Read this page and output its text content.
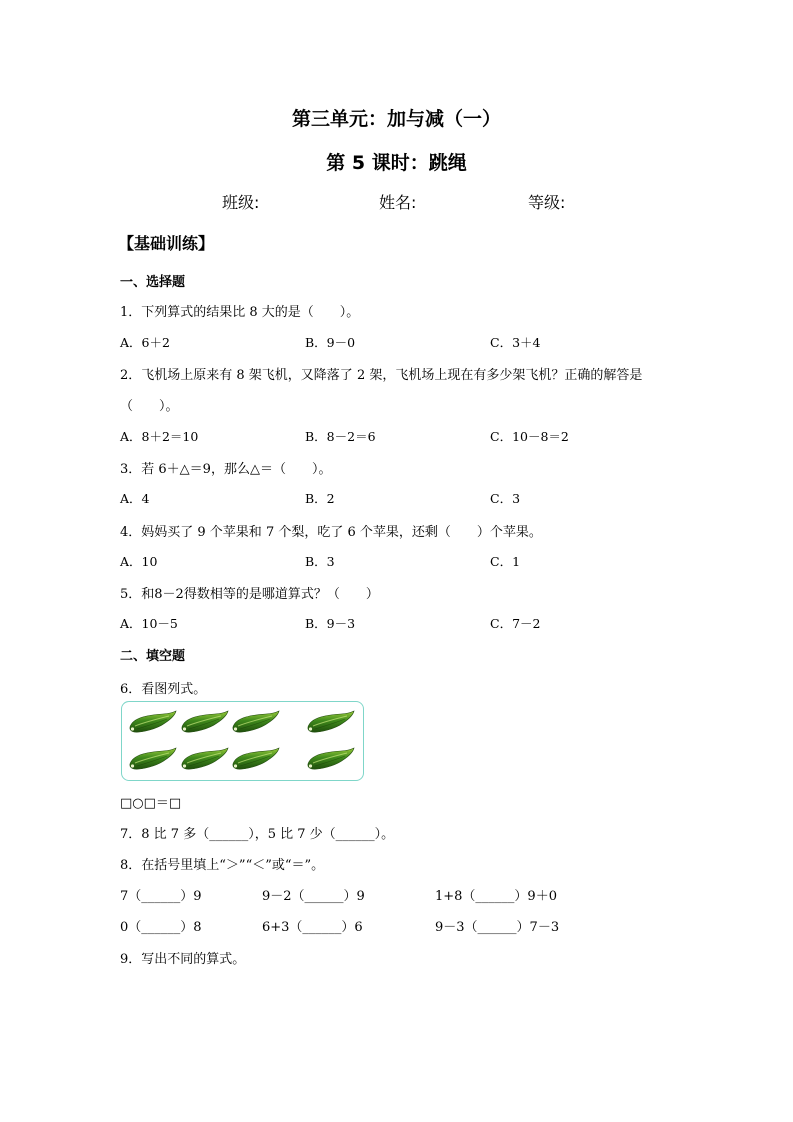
第三单元：加与减（一）
第 5 课时：跳绳
班级:	姓名:	等级:
【基础训练】
一、选择题
1．下列算式的结果比 8 大的是（　　）。
A．6＋2	B．9－0	C．3＋4
2．飞机场上原来有 8 架飞机，又降落了 2 架，飞机场上现在有多少架飞机？正确的解答是
（　　）。
A．8＋2＝10	B．8－2＝6	C．10－8＝2
3．若 6＋△＝9，那么△＝（　　）。
A．4	B．2	C．3
4．妈妈买了 9 个苹果和 7 个梨，吃了 6 个苹果，还剩（　　）个苹果。
A．10	B．3	C．1
5．和8－2得数相等的是哪道算式？（　　）
A．10－5	B．9－3	C．7－2
二、填空题
6．看图列式。
□○□＝□
7．8 比 7 多（______），5 比 7 少（______）。
8．在括号里填上“＞”“＜”或“＝”。
7（______）9	9－2（______）9	1+8（______）9＋0
0（______）8	6+3（______）6	9－3（______）7－3
9．写出不同的算式。
